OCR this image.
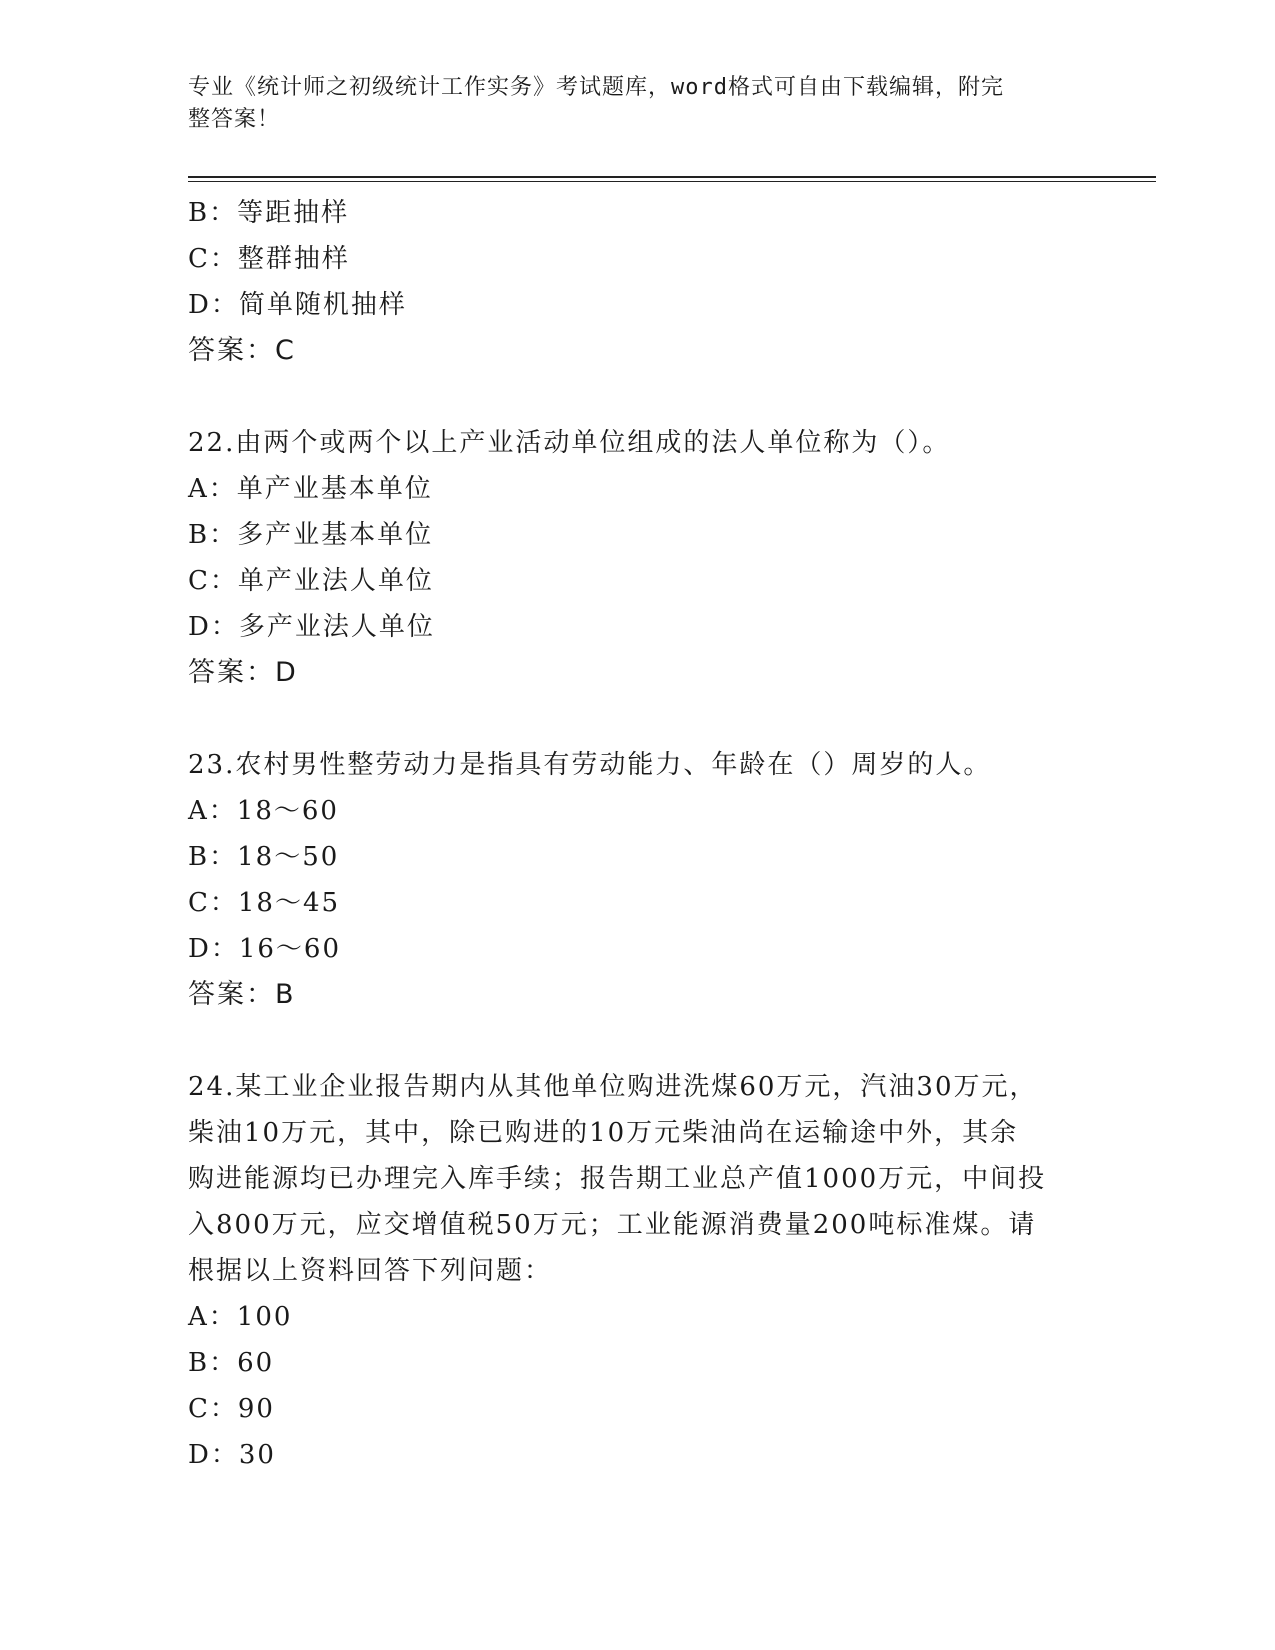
专业《统计师之初级统计工作实务》考试题库，word格式可自由下载编辑，附完
整答案！
B：等距抽样
C：整群抽样
D：简单随机抽样
答案：C
22.由两个或两个以上产业活动单位组成的法人单位称为（）。
A：单产业基本单位
B：多产业基本单位
C：单产业法人单位
D：多产业法人单位
答案：D
23.农村男性整劳动力是指具有劳动能力、年龄在（）周岁的人。
A：18～60
B：18～50
C：18～45
D：16～60
答案：B
24.某工业企业报告期内从其他单位购进洗煤60万元，汽油30万元，
柴油10万元，其中，除已购进的10万元柴油尚在运输途中外，其余
购进能源均已办理完入库手续；报告期工业总产值1000万元，中间投
入800万元，应交增值税50万元；工业能源消费量200吨标准煤。请
根据以上资料回答下列问题：
A：100
B：60
C：90
D：30
